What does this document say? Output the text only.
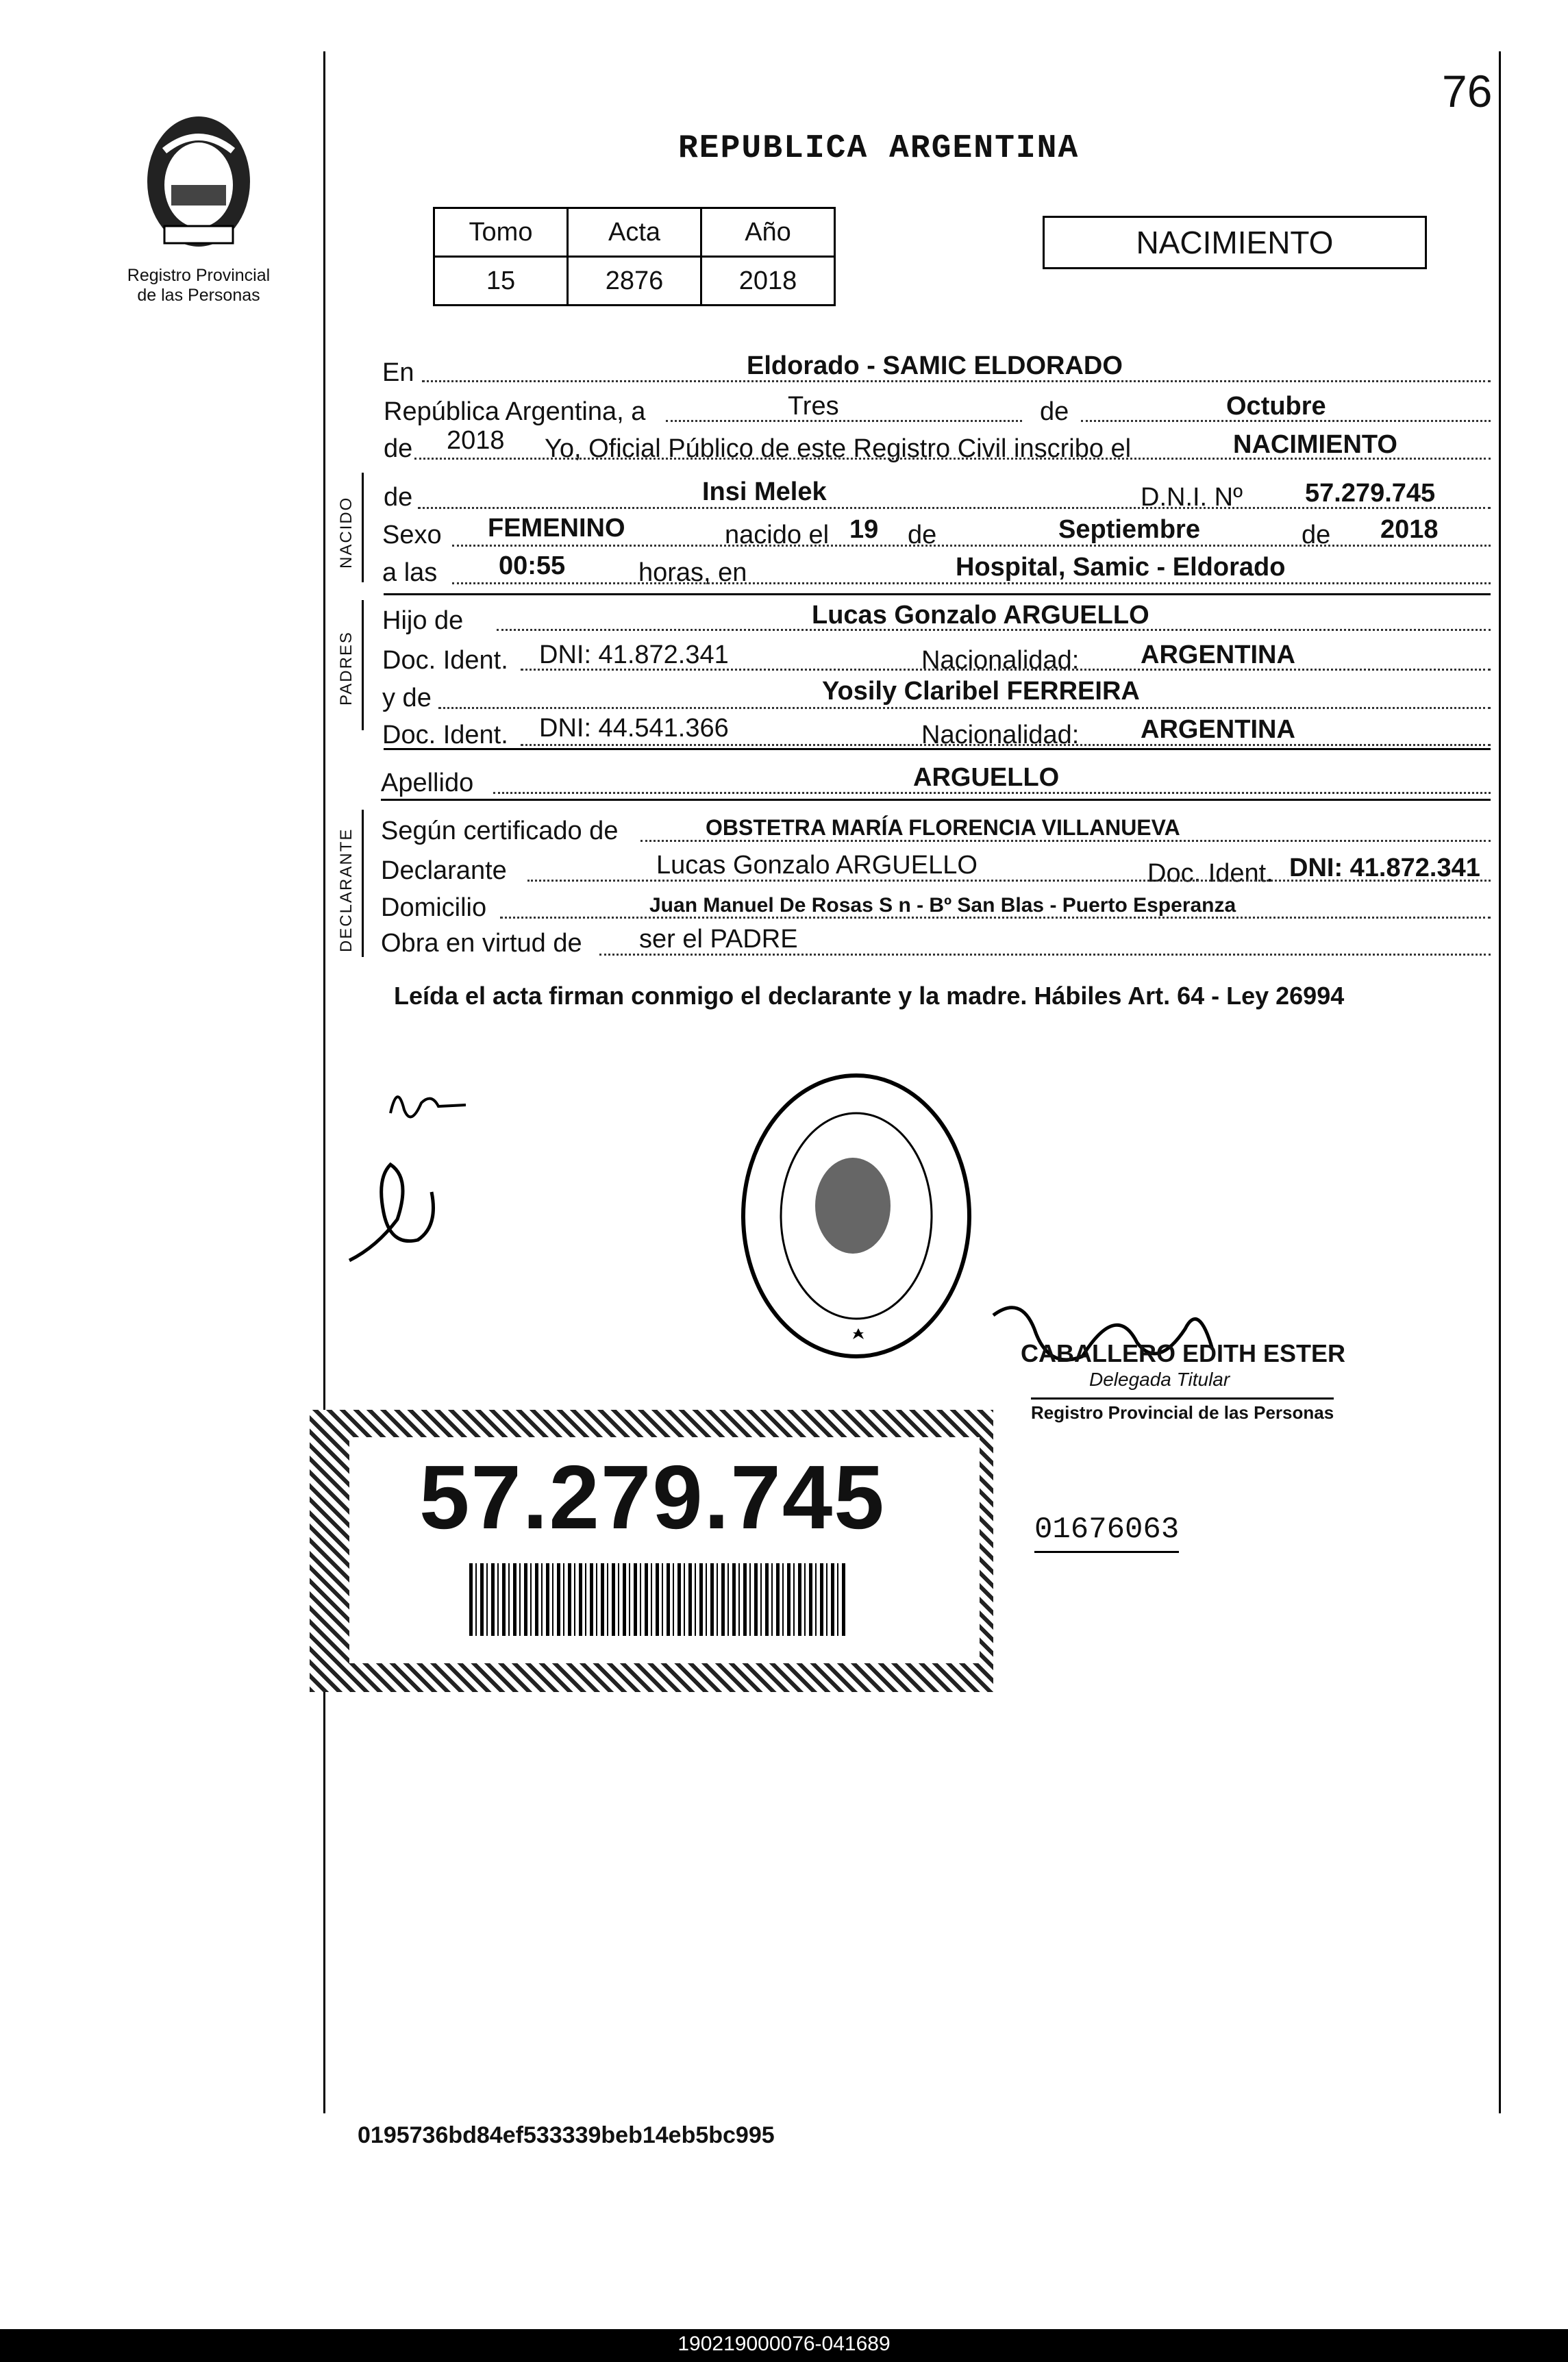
76
Registro Provincial
de las Personas
REPUBLICA ARGENTINA
Tomo	Acta	Año
15	2876	2018
NACIMIENTO
En	Eldorado - SAMIC ELDORADO
República Argentina, a	Tres	de	Octubre
de 2018 Yo, Oficial Público de este Registro Civil inscribo el	NACIMIENTO
NACIDO de	Insi Melek	D.N.I. Nº 57.279.745
Sexo FEMENINO	nacido el 19 de	Septiembre	de 2018
a las 00:55	horas, en	Hospital, Samic - Eldorado
PADRES
Hijo de	Lucas Gonzalo ARGUELLO
Doc. Ident. DNI: 41.872.341	Nacionalidad: ARGENTINA
y de	Yosily Claribel FERREIRA
Doc. Ident. DNI: 44.541.366	Nacionalidad: ARGENTINA
Apellido	ARGUELLO
DECLARANTE Según certificado de	OBSTETRA MARÍA FLORENCIA VILLANUEVA
Declarante	Lucas Gonzalo ARGUELLO	Doc. Ident. DNI: 41.872.341
Domicilio	Juan Manuel De Rosas S n - Bº San Blas - Puerto Esperanza
Obra en virtud de ser el PADRE
Leída el acta firman conmigo el declarante y la madre. Hábiles Art. 64 - Ley 26994
CABALLERO EDITH ESTER
Delegada Titular
Registro Provincial de las Personas
57.279.745	01676063
0195736bd84ef533339beb14eb5bc995
190219000076-041689
